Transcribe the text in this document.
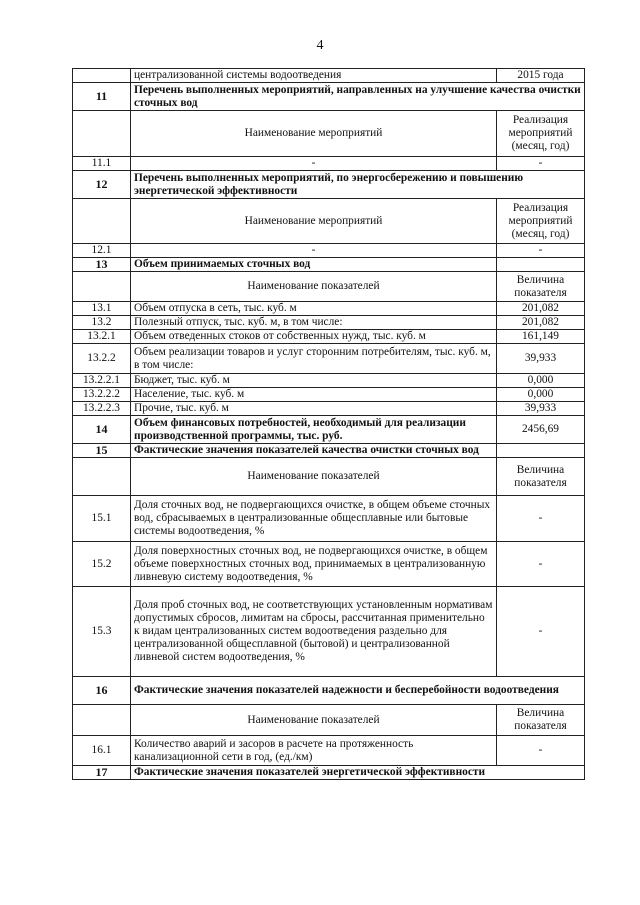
4
	централизованной системы водоотведения	2015 года
11	Перечень выполненных мероприятий, направленных на улучшение качества очистки сточных вод	
	Наименование мероприятий	Реализация мероприятий (месяц, год)
11.1	-	-
12	Перечень выполненных мероприятий, по энергосбережению и повышению энергетической эффективности	
	Наименование мероприятий	Реализация мероприятий (месяц, год)
12.1	-	-
13	Объем принимаемых сточных вод	
	Наименование показателей	Величина показателя
13.1	Объем отпуска в сеть, тыс. куб. м	201,082
13.2	Полезный отпуск, тыс. куб. м, в том числе:	201,082
13.2.1	Объем отведенных стоков от собственных нужд, тыс. куб. м	161,149
13.2.2	Объем реализации товаров и услуг сторонним потребителям, тыс. куб. м, в том числе:	39,933
13.2.2.1	Бюджет, тыс. куб. м	0,000
13.2.2.2	Население, тыс. куб. м	0,000
13.2.2.3	Прочие, тыс. куб. м	39,933
14	Объем финансовых потребностей, необходимый для реализации производственной программы, тыс. руб.	2456,69
15	Фактические значения показателей качества очистки сточных вод	
	Наименование показателей	Величина показателя
15.1	Доля сточных вод, не подвергающихся очистке, в общем объеме сточных вод, сбрасываемых в централизованные общесплавные или бытовые системы водоотведения, %	-
15.2	Доля поверхностных сточных вод, не подвергающихся очистке, в общем объеме поверхностных сточных вод, принимаемых в централизованную ливневую систему водоотведения, %	-
15.3	Доля проб сточных вод, не соответствующих установленным нормативам допустимых сбросов, лимитам на сбросы, рассчитанная применительно к видам централизованных систем водоотведения раздельно для централизованной общесплавной (бытовой) и централизованной ливневой систем водоотведения, %	-
16	Фактические значения показателей надежности и бесперебойности водоотведения	
	Наименование показателей	Величина показателя
16.1	Количество аварий и засоров в расчете на протяженность канализационной сети в год, (ед./км)	-
17	Фактические значения показателей энергетической эффективности	
